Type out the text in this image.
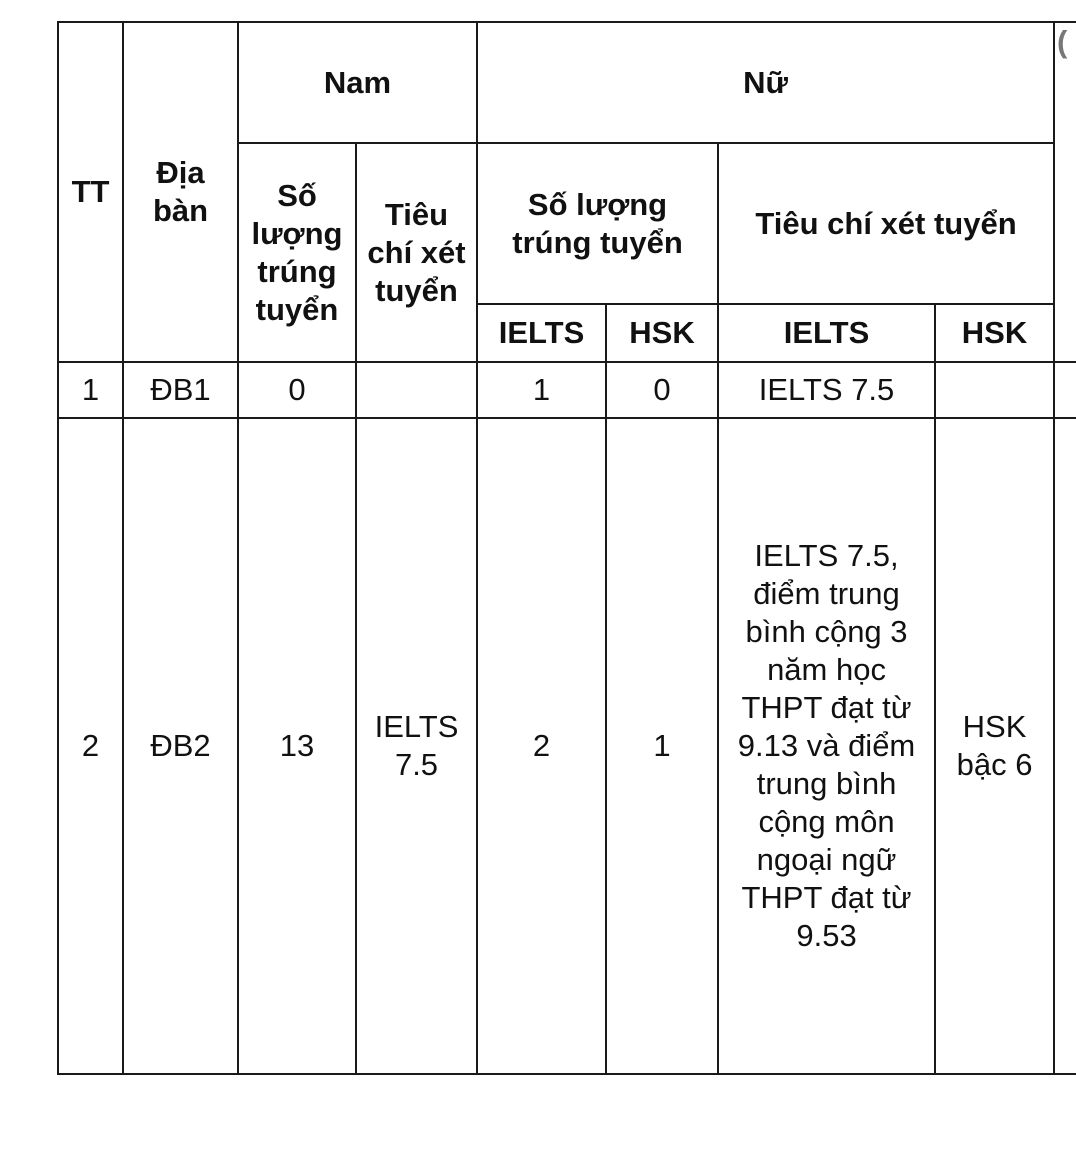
TT	Địa bàn	Nam		Nữ				(
		Số lượng trúng tuyển	Tiêu chí xét tuyển	Số lượng trúng tuyển		Tiêu chí xét tuyển		
				IELTS	HSK	IELTS	HSK	
1	ĐB1	0		1	0	IELTS 7.5		
2	ĐB2	13	IELTS 7.5	2	1	IELTS 7.5, điểm trung bình cộng 3 năm học THPT đạt từ 9.13 và điểm trung bình cộng môn ngoại ngữ THPT đạt từ 9.53	HSK bậc 6	
